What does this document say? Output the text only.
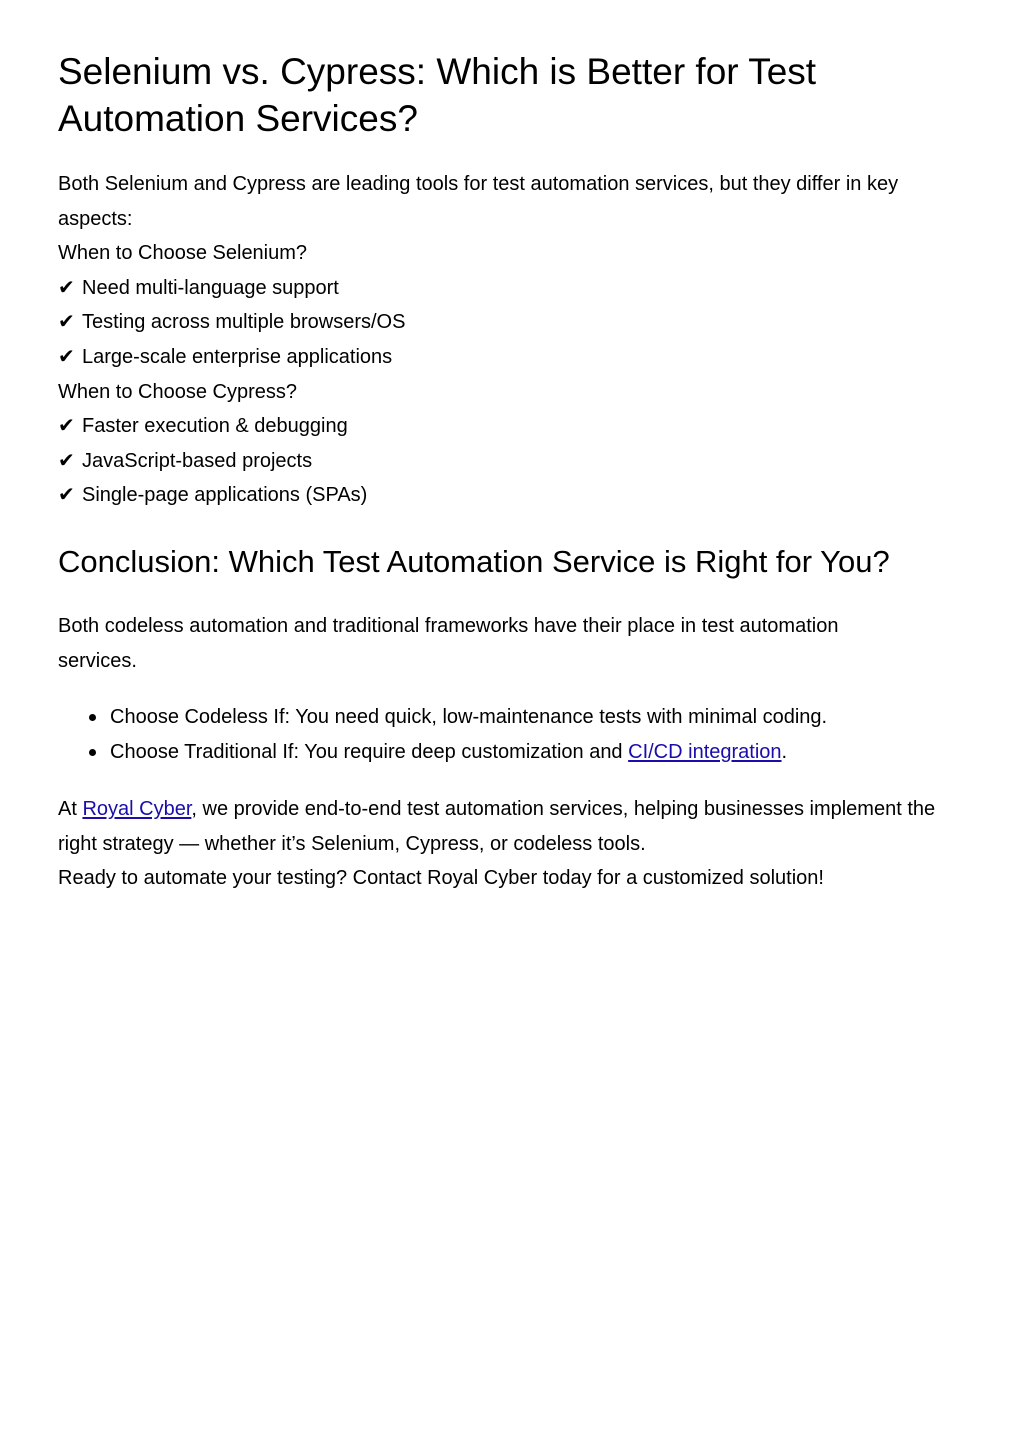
Selenium vs. Cypress: Which is Better for Test Automation Services?
Both Selenium and Cypress are leading tools for test automation services, but they differ in key aspects:
When to Choose Selenium?
✔ Need multi-language support
✔ Testing across multiple browsers/OS
✔ Large-scale enterprise applications
When to Choose Cypress?
✔ Faster execution & debugging
✔ JavaScript-based projects
✔ Single-page applications (SPAs)
Conclusion: Which Test Automation Service is Right for You?
Both codeless automation and traditional frameworks have their place in test automation services.
Choose Codeless If: You need quick, low-maintenance tests with minimal coding.
Choose Traditional If: You require deep customization and CI/CD integration.
At Royal Cyber, we provide end-to-end test automation services, helping businesses implement the right strategy — whether it’s Selenium, Cypress, or codeless tools.
Ready to automate your testing? Contact Royal Cyber today for a customized solution!
